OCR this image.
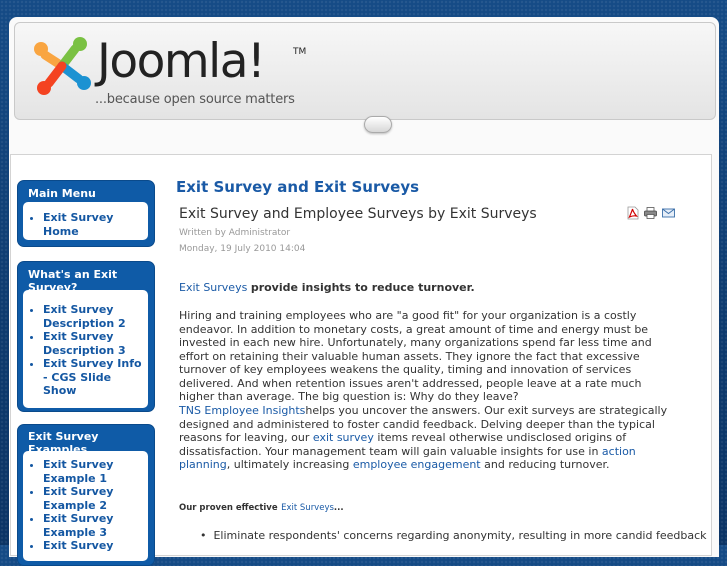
Joomla!	TM
...because open source matters
Main Menu
• Exit Survey Home
What's an Exit Survey?
• Exit Survey Description 2
• Exit Survey Description 3
• Exit Survey Info - CGS Slide Show
Exit Survey Examples
• Exit Survey Example 1
• Exit Survey Example 2
• Exit Survey Example 3
• Exit Survey
Exit Survey and Exit Surveys
Exit Survey and Employee Surveys by Exit Surveys
Written by Administrator
Monday, 19 July 2010 14:04
Exit Surveys provide insights to reduce turnover.
Hiring and training employees who are "a good fit" for your organization is a costly endeavor. In addition to monetary costs, a great amount of time and energy must be invested in each new hire. Unfortunately, many organizations spend far less time and effort on retaining their valuable human assets. They ignore the fact that excessive turnover of key employees weakens the quality, timing and innovation of services delivered. And when retention issues aren't addressed, people leave at a rate much higher than average. The big question is: Why do they leave?
TNS Employee Insightshelps you uncover the answers. Our exit surveys are strategically designed and administered to foster candid feedback. Delving deeper than the typical reasons for leaving, our exit survey items reveal otherwise undisclosed origins of dissatisfaction. Your management team will gain valuable insights for use in action planning, ultimately increasing employee engagement and reducing turnover.
Our proven effective Exit Surveys...
•  Eliminate respondents' concerns regarding anonymity, resulting in more candid feedback
